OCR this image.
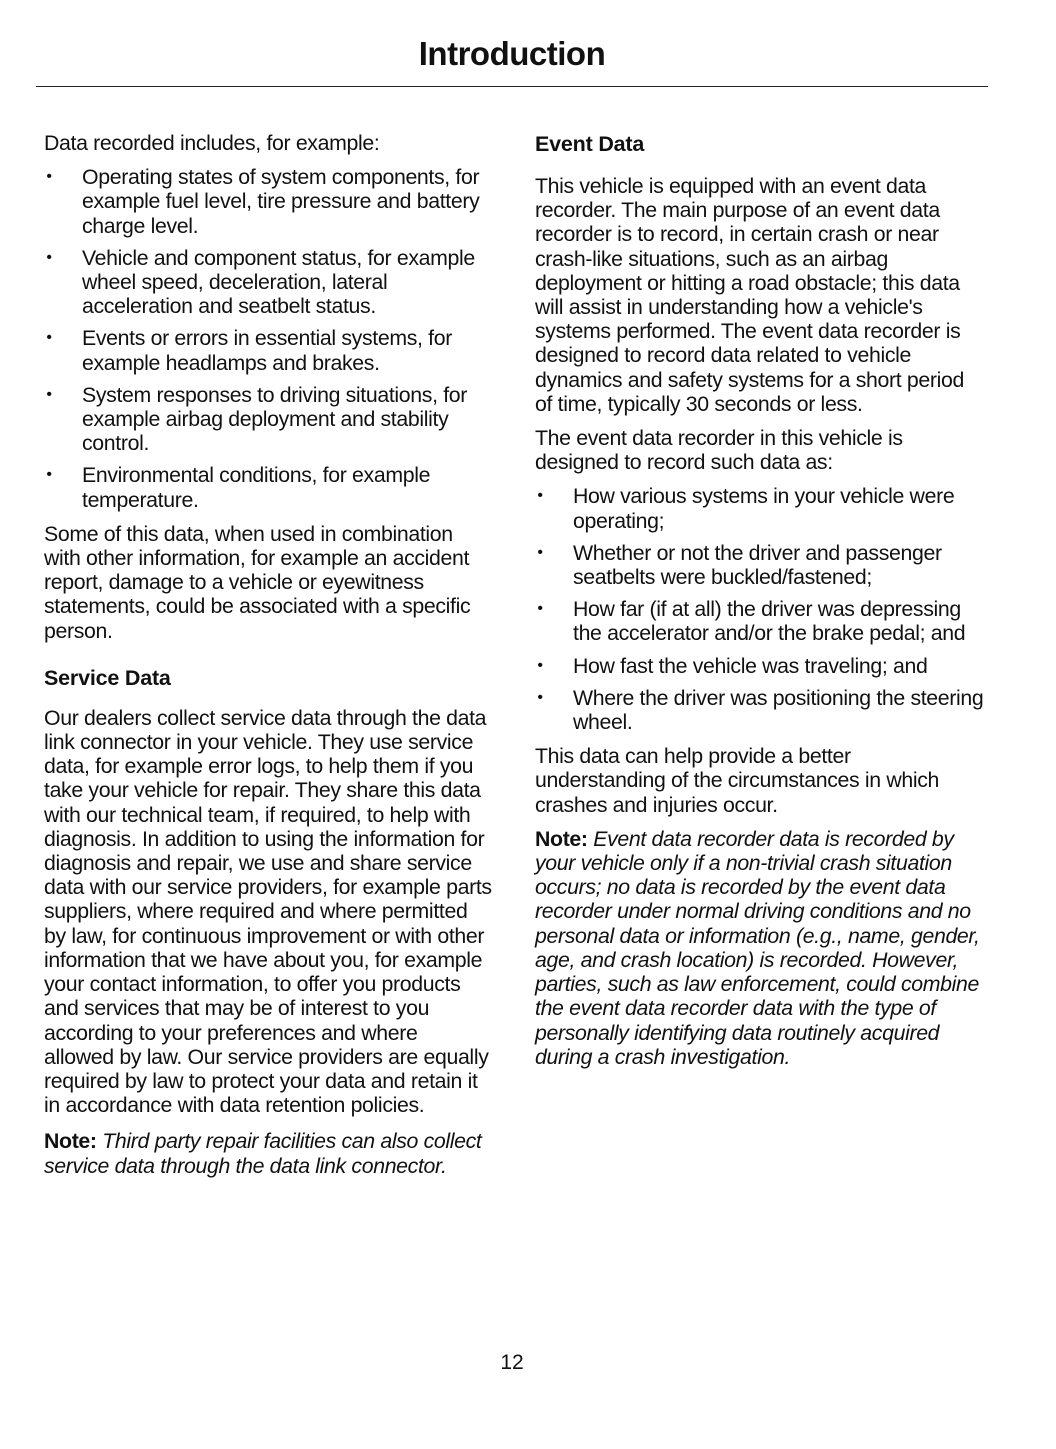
Introduction

Data recorded includes, for example:

• Operating states of system components, for example fuel level, tire pressure and battery charge level.
• Vehicle and component status, for example wheel speed, deceleration, lateral acceleration and seatbelt status.
• Events or errors in essential systems, for example headlamps and brakes.
• System responses to driving situations, for example airbag deployment and stability control.
• Environmental conditions, for example temperature.

Some of this data, when used in combination with other information, for example an accident report, damage to a vehicle or eyewitness statements, could be associated with a specific person.

Service Data

Our dealers collect service data through the data link connector in your vehicle. They use service data, for example error logs, to help them if you take your vehicle for repair. They share this data with our technical team, if required, to help with diagnosis. In addition to using the information for diagnosis and repair, we use and share service data with our service providers, for example parts suppliers, where required and where permitted by law, for continuous improvement or with other information that we have about you, for example your contact information, to offer you products and services that may be of interest to you according to your preferences and where allowed by law. Our service providers are equally required by law to protect your data and retain it in accordance with data retention policies.

Note: Third party repair facilities can also collect service data through the data link connector.

Event Data

This vehicle is equipped with an event data recorder. The main purpose of an event data recorder is to record, in certain crash or near crash-like situations, such as an airbag deployment or hitting a road obstacle; this data will assist in understanding how a vehicle's systems performed. The event data recorder is designed to record data related to vehicle dynamics and safety systems for a short period of time, typically 30 seconds or less.

The event data recorder in this vehicle is designed to record such data as:

• How various systems in your vehicle were operating;
• Whether or not the driver and passenger seatbelts were buckled/fastened;
• How far (if at all) the driver was depressing the accelerator and/or the brake pedal; and
• How fast the vehicle was traveling; and
• Where the driver was positioning the steering wheel.

This data can help provide a better understanding of the circumstances in which crashes and injuries occur.

Note: Event data recorder data is recorded by your vehicle only if a non-trivial crash situation occurs; no data is recorded by the event data recorder under normal driving conditions and no personal data or information (e.g., name, gender, age, and crash location) is recorded. However, parties, such as law enforcement, could combine the event data recorder data with the type of personally identifying data routinely acquired during a crash investigation.

12
